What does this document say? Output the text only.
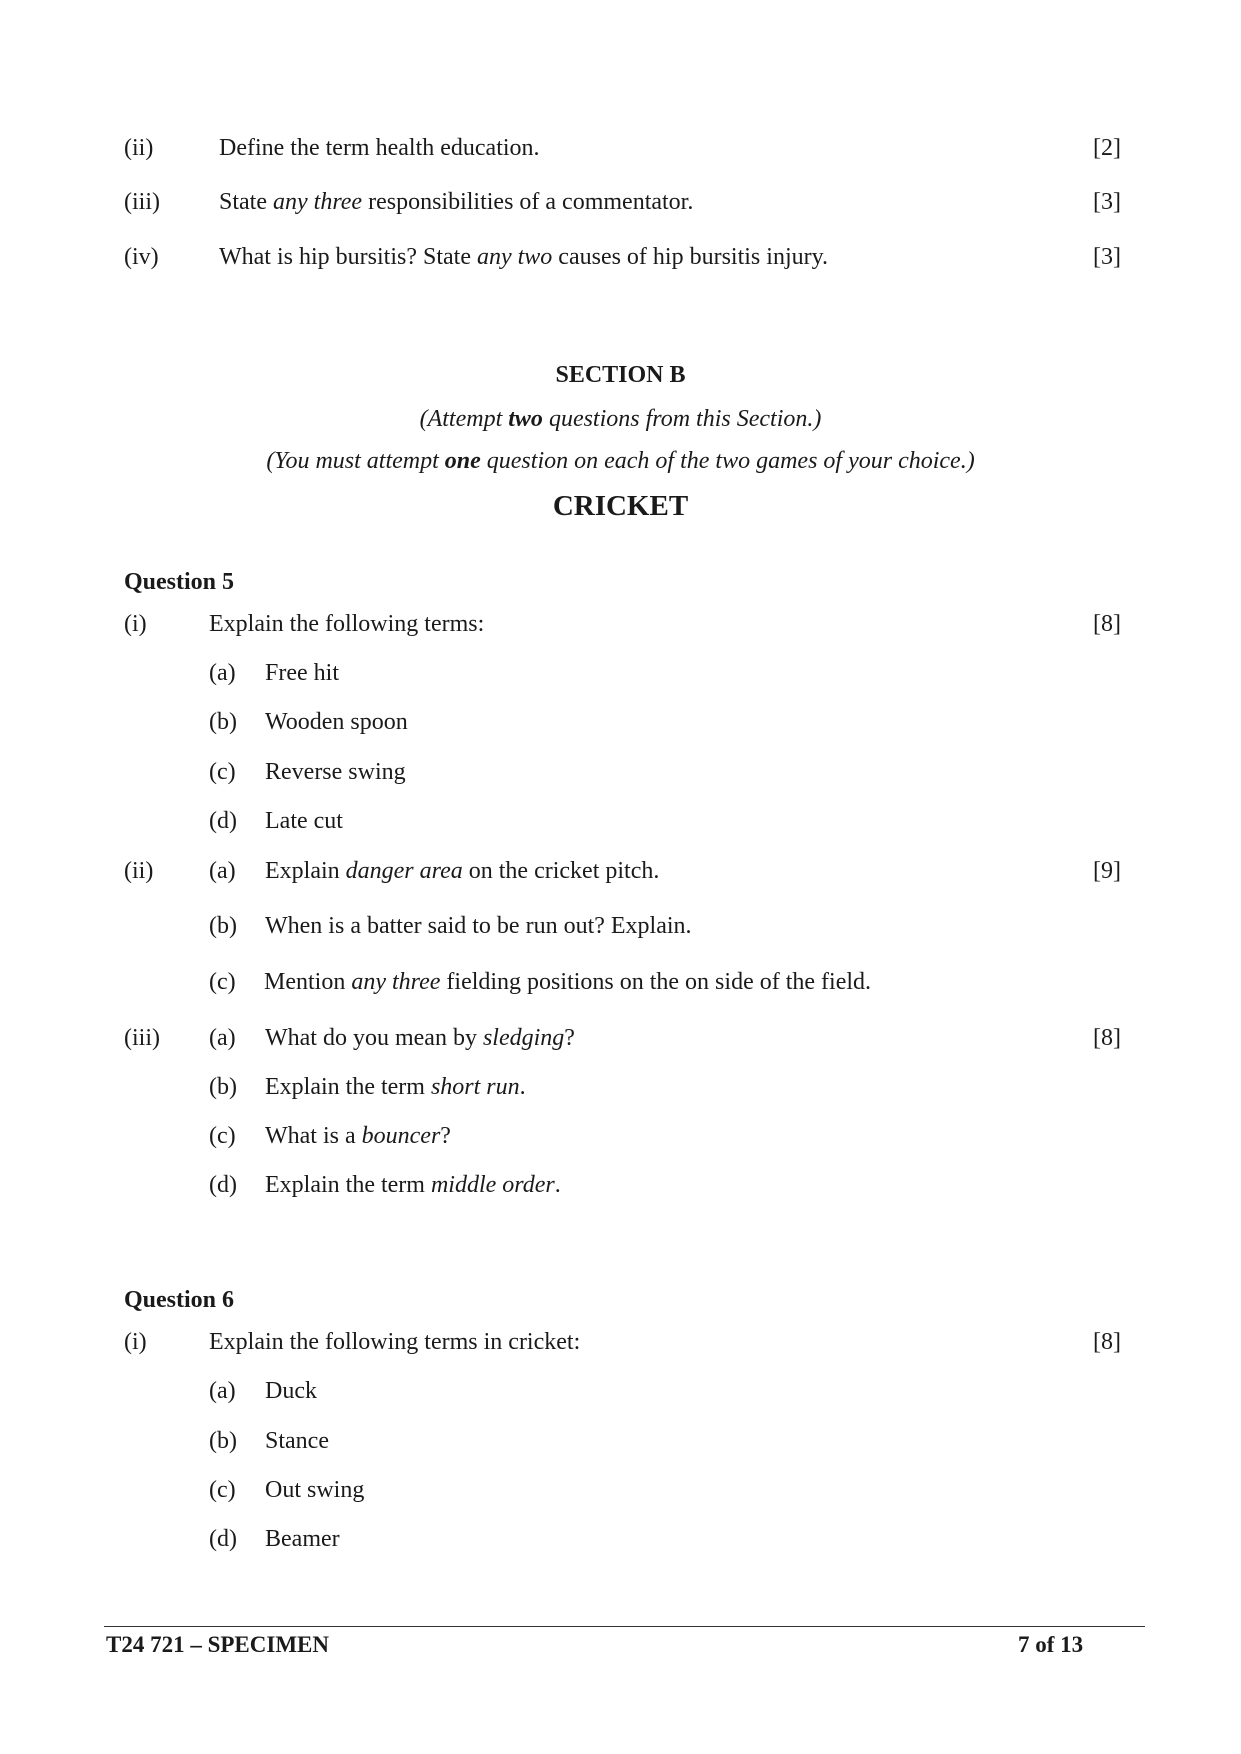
(ii)	Define the term health education.	[2]
(iii) State any three responsibilities of a commentator.	[3]
(iv)	What is hip bursitis? State any two causes of hip bursitis injury.	[3]
SECTION B
(Attempt two questions from this Section.)
(You must attempt one question on each of the two games of your choice.)
CRICKET
Question 5
(i)	Explain the following terms:	[8]
(a) Free hit
(b) Wooden spoon
(c) Reverse swing
(d) Late cut
(ii) (a) Explain danger area on the cricket pitch.	[9]
(b) When is a batter said to be run out? Explain.
(c) Mention any three fielding positions on the on side of the field.
(iii) (a) What do you mean by sledging?	[8]
(b) Explain the term short run.
(c) What is a bouncer?
(d) Explain the term middle order.
Question 6
(i)	Explain the following terms in cricket:	[8]
(a) Duck
(b) Stance
(c) Out swing
(d) Beamer
T24 721 – SPECIMEN	7 of 13
